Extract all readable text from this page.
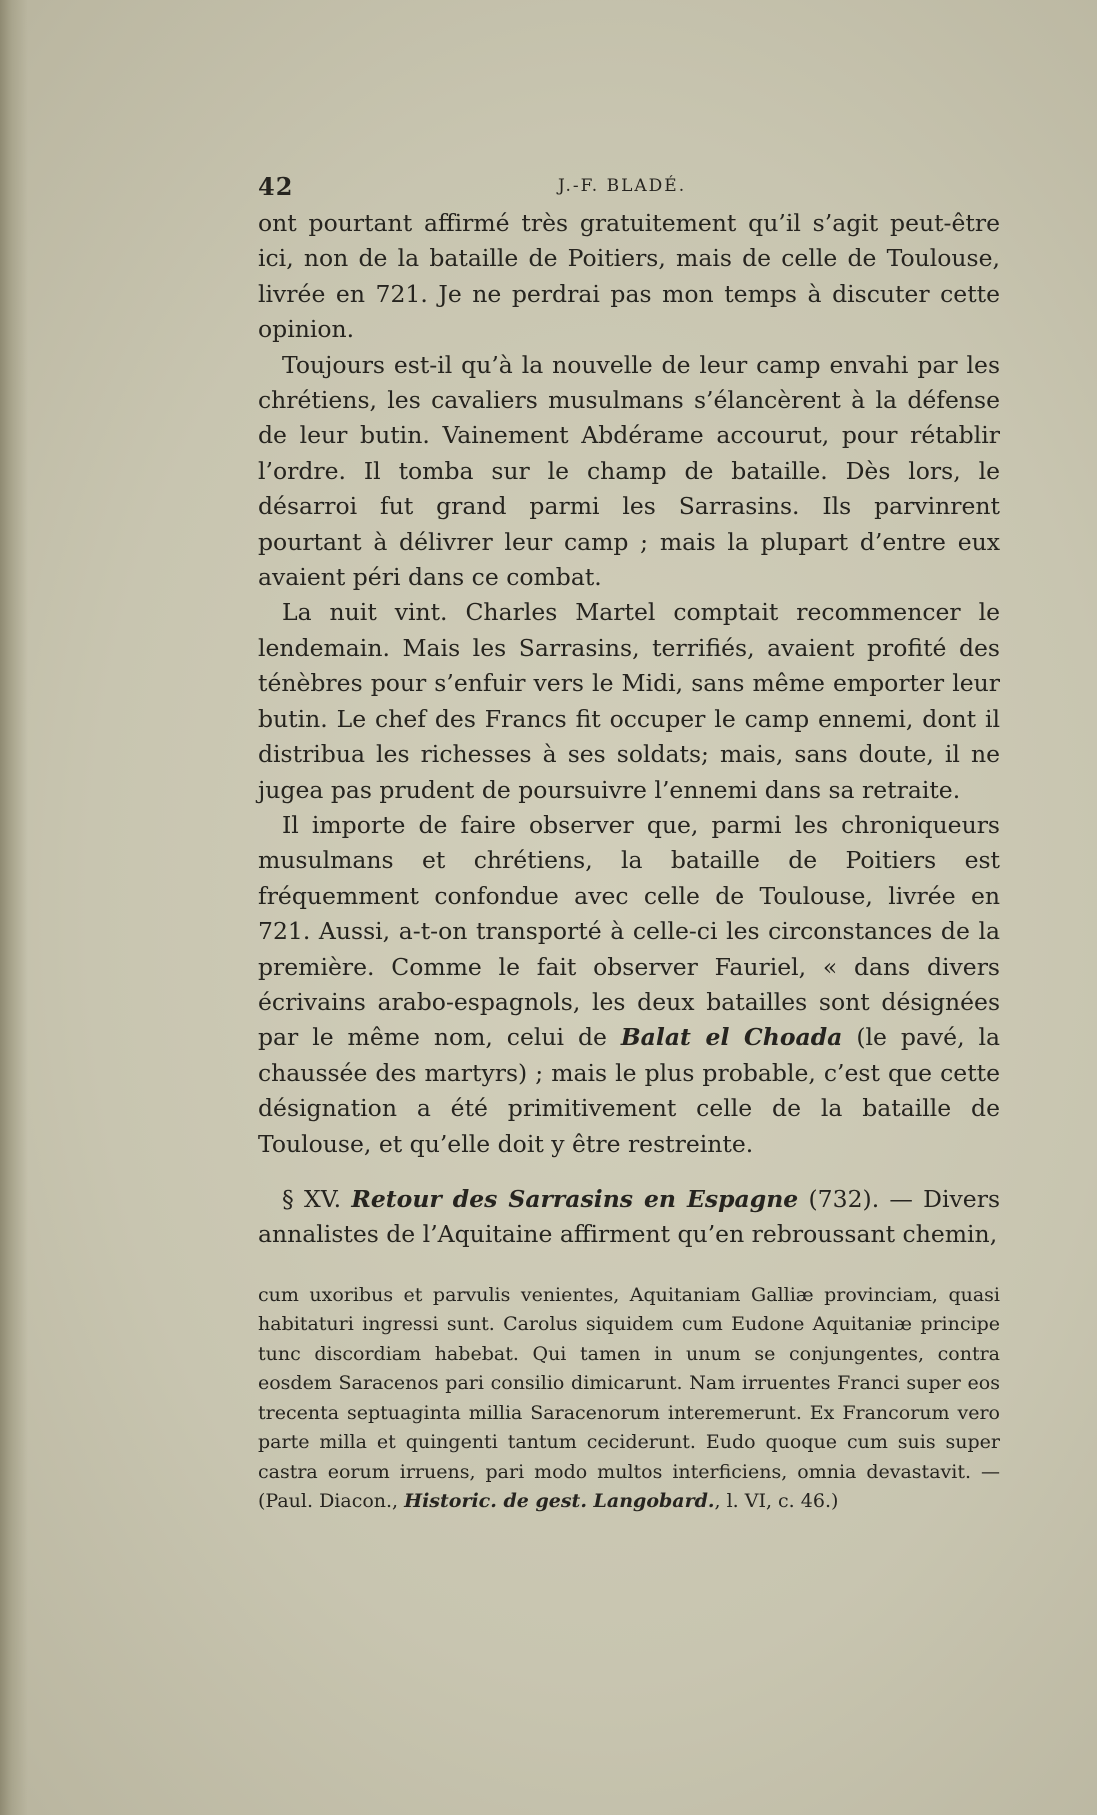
42	J.-F. BLADÉ.

ont pourtant affirmé très gratuitement qu’il s’agit peut-être ici, non de la bataille de Poitiers, mais de celle de Toulouse, livrée en 721. Je ne perdrai pas mon temps à discuter cette opinion.

Toujours est-il qu’à la nouvelle de leur camp envahi par les chrétiens, les cavaliers musulmans s’élancèrent à la défense de leur butin. Vainement Abdérame accourut, pour rétablir l’ordre. Il tomba sur le champ de bataille. Dès lors, le désarroi fut grand parmi les Sarrasins. Ils parvinrent pourtant à délivrer leur camp ; mais la plupart d’entre eux avaient péri dans ce combat.

La nuit vint. Charles Martel comptait recommencer le lendemain. Mais les Sarrasins, terrifiés, avaient profité des ténèbres pour s’enfuir vers le Midi, sans même emporter leur butin. Le chef des Francs fit occuper le camp ennemi, dont il distribua les richesses à ses soldats; mais, sans doute, il ne jugea pas prudent de poursuivre l’ennemi dans sa retraite.

Il importe de faire observer que, parmi les chroniqueurs musulmans et chrétiens, la bataille de Poitiers est fréquemment confondue avec celle de Toulouse, livrée en 721. Aussi, a-t-on transporté à celle-ci les circonstances de la première. Comme le fait observer Fauriel, « dans divers écrivains arabo-espagnols, les deux batailles sont désignées par le même nom, celui de Balat el Choada (le pavé, la chaussée des martyrs) ; mais le plus probable, c’est que cette désignation a été primitivement celle de la bataille de Toulouse, et qu’elle doit y être restreinte.

§ XV. Retour des Sarrasins en Espagne (732). — Divers annalistes de l’Aquitaine affirment qu’en rebroussant chemin,

cum uxoribus et parvulis venientes, Aquitaniam Galliæ provinciam, quasi habitaturi ingressi sunt. Carolus siquidem cum Eudone Aquitaniæ principe tunc discordiam habebat. Qui tamen in unum se conjungentes, contra eosdem Saracenos pari consilio dimicarunt. Nam irruentes Franci super eos trecenta septuaginta millia Saracenorum interemerunt. Ex Francorum vero parte milla et quingenti tantum ceciderunt. Eudo quoque cum suis super castra eorum irruens, pari modo multos interficiens, omnia devastavit. — (Paul. Diacon., Historic. de gest. Langobard., l. VI, c. 46.)
